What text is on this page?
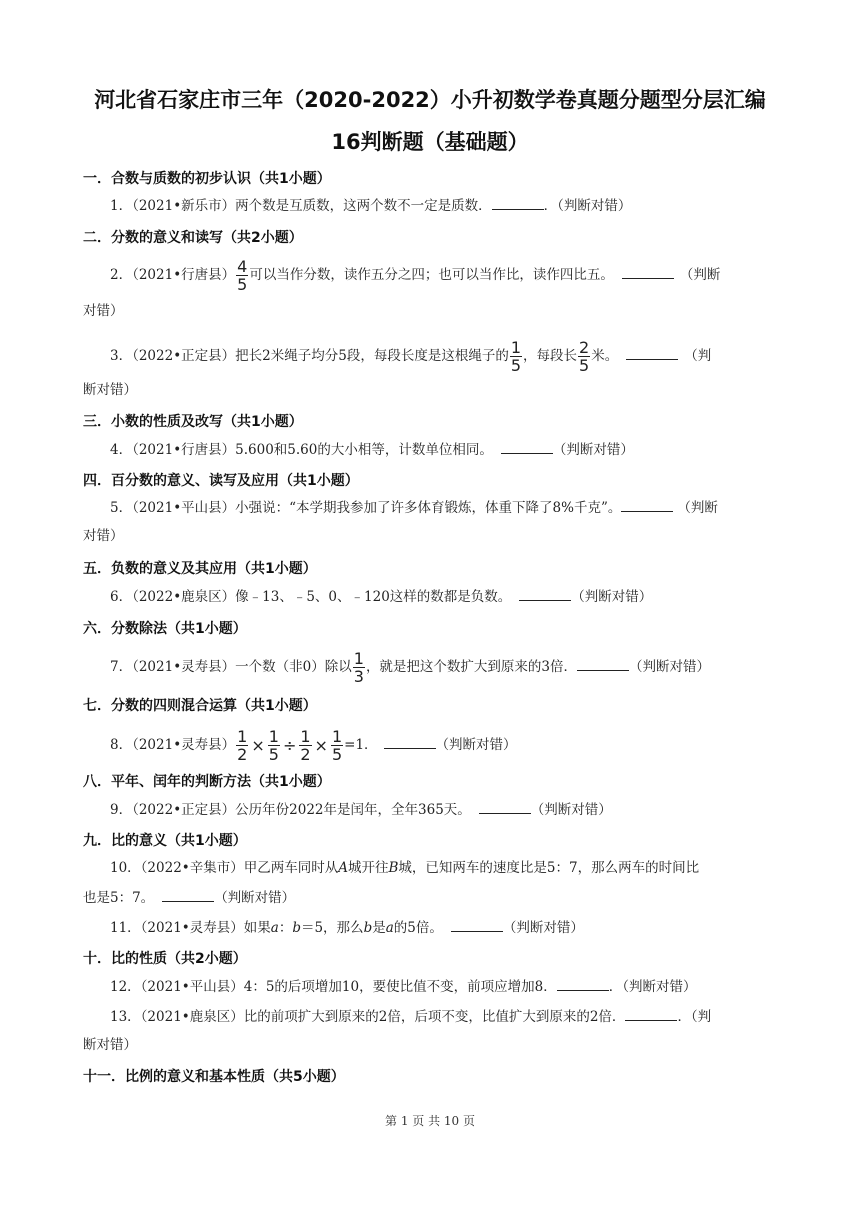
河北省石家庄市三年（2020-2022）小升初数学卷真题分题型分层汇编
16判断题（基础题）
一．合数与质数的初步认识（共1小题）
1．（2021•新乐市）两个数是互质数，这两个数不一定是质数．	．（判断对错）
二．分数的意义和读写（共2小题）
2．（2021•行唐县） $\frac{4}{5}$ 可以当作分数，读作五分之四；也可以当作比，读作四比五。	（判断
对错）
3．（2022•正定县）把长2米绳子均分5段，每段长度是这根绳子的 $\frac{1}{5}$ ，每段长 $\frac{2}{5}$ 米。	（判
断对错）
三．小数的性质及改写（共1小题）
4．（2021•行唐县）5.600和5.60的大小相等，计数单位相同。	（判断对错）
四．百分数的意义、读写及应用（共1小题）
5．（2021•平山县）小强说：“本学期我参加了许多体育锻炼，体重下降了8%千克”。	（判断
对错）
五．负数的意义及其应用（共1小题）
6．（2022•鹿泉区）像﹣13、﹣5、0、﹣120这样的数都是负数。	（判断对错）
六．分数除法（共1小题）
7．（2021•灵寿县）一个数（非0）除以 $\frac{1}{3}$ ，就是把这个数扩大到原来的3倍．	（判断对错）
七．分数的四则混合运算（共1小题）
8．（2021•灵寿县） $\frac{1}{2} \times \frac{1}{5} \div \frac{1}{2} \times \frac{1}{5} =1$．	（判断对错）
八．平年、闰年的判断方法（共1小题）
9．（2022•正定县）公历年份2022年是闰年，全年365天。	（判断对错）
九．比的意义（共1小题）
10．（2022•辛集市）甲乙两车同时从A城开往B城，已知两车的速度比是5：7，那么两车的时间比
也是5：7。	（判断对错）
11．（2021•灵寿县）如果a：b＝5，那么b是a的5倍。	（判断对错）
十．比的性质（共2小题）
12．（2021•平山县）4：5的后项增加10，要使比值不变，前项应增加8．	．（判断对错）
13．（2021•鹿泉区）比的前项扩大到原来的2倍，后项不变，比值扩大到原来的2倍．	．（判
断对错）
十一．比例的意义和基本性质（共5小题）
第 1 页 共 10 页
